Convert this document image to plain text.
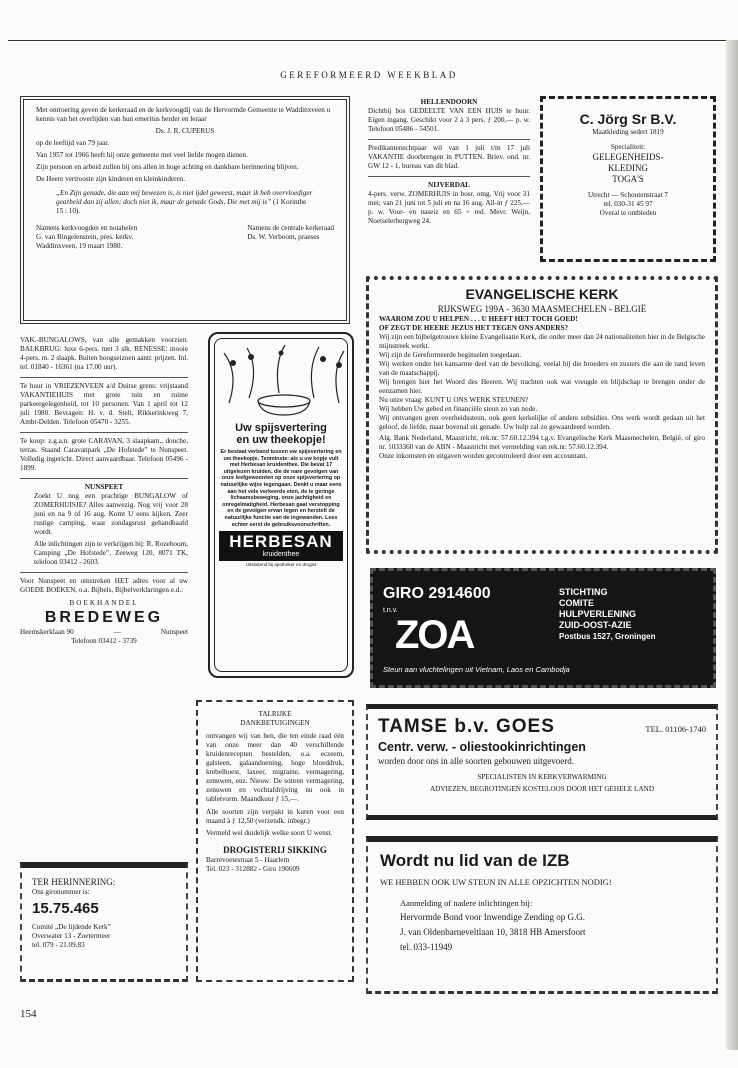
GEREFORMEERD WEEKBLAD

Met ontroering geven de kerkeraad en de kerkvoogdij van de Hervormde Gemeente te Waddinxveen u kennis van het overlijden van hun emeritus herder en leraar

Ds. J. R. CUPERUS

op de leeftijd van 79 jaar.

Van 1957 tot 1966 heeft hij onze gemeente met veel liefde mogen dienen.

Zijn persoon en arbeid zullen bij ons allen in hoge achting en dankbare herinnering blijven.

De Heere vertrooste zijn kinderen en kleinkinderen.

„En Zijn genade, die aan mij bewezen is, is niet ijdel geweest, maar ik heb overvloediger gearbeid dan zij allen; doch niet ik, maar de genade Gods, Die met mij is” (1 Korinthe 15 : 10).

Namens kerkvoogden en notabelen

G. van Ringelenstein, pres. kerkv.

Waddinxveen, 19 maart 1980.

Namens de centrale kerkeraad

Ds. W. Verboom, praeses

HELLENDOORN

Dichtbij bos GEDEELTE VAN EEN HUIS te huur. Eigen ingang. Geschikt voor 2 à 3 pers. ƒ 200,— p. w. Telefoon 05486 - 54501.

Predikantenechtpaar wil van 1 juli t/m 17 juli VAKANTIE doorbrengen in PUTTEN. Briev. ond. nr. GW 12 - 1, bureau van dit blad.

NIJVERDAL

4-pers. verw. ZOMERHUIS in bosr. omg. Vrij voor 31 mei; van 21 juni tot 5 juli en na 16 aug. All-in ƒ 225,— p. w. Voor- en naseiz en 65 + red. Mevr. Weijn, Noetselerbergweg 24.

C. Jörg Sr B.V.

Maatkleding sedert 1819

Specialiteit:

GELEGENHEIDS-

KLEDING

TOGA'S

Utrecht — Schoutenstraat 7

tel. 030-31 45 97

Overal te ontbieden

EVANGELISCHE KERK

RIJKSWEG 199A - 3630 MAASMECHELEN - BELGIË

WAAROM ZOU U HELPEN . . . U HEEFT HET TOCH GOED!

OF ZEGT DE HEERE JEZUS HET TEGEN ONS ANDERS?

Wij zijn een bijbelgetrouwe kleine Evangelisatie Kerk, die onder meer dan 24 nationaliteiten hier in de Belgische mijnstreek werkt.

Wij zijn de Gereformeerde beginselen toegedaan.

Wij werken onder het kansarme deel van de bevolking, veelal bij die broeders en zusters die aan de rand leven van de maatschappij.

Wij brengen hier het Woord des Heeren. Wij trachten ook wat vreugde en blijdschap te brengen onder de eenzamen hier.

Nu onze vraag: KUNT U ONS WERK STEUNEN?

Wij hebben Uw gebed en financiële steun zo van node.

Wij ontvangen geen overheidssteun, ook geen kerkelijke of andere subsidies. Ons werk wordt gedaan uit het geloof, de liefde, maar bovenal uit genade. Uw hulp zal zo gewaardeerd worden.

Alg. Bank Nederland, Maastricht, rek.nr. 57.60.12.394 t.g.v. Evangelische Kerk Maasmechelen, België, of giro nr. 1033360 van de ABN - Maastricht met vermelding van rek.nr. 57.60.12.394.

Onze inkomsten en uitgaven worden gecontroleerd door een accountant.

VAK.-BUNGALOWS, van alle gemakken voorzien. BALKBRUG: luxe 6-pers. met 3 slk. RENESSE: mooie 4-pers. m. 2 slaapk. Buiten hoogseizoen aantr. prijzen. Inl. tel. 01840 - 16361 (na 17.00 uur).

Te huur in VRIEZENVEEN a/d Duitse grens: vrijstaand VAKANTIEHUIS met grote tuin en ruime parkeergelegenheid, tot 10 personen. Van 1 april tot 12 juli 1980. Bevragen: H. v. d. Stelt, Rikkerinkweg 7, Ambt-Delden. Telefoon 05470 - 3255.

Te koop: z.g.a.n. grote CARAVAN, 3 slaapkam., douche, terras. Staand Caravanpark „De Hofstede” te Nunspeet. Volledig ingericht. Direct aanvaardbaar. Telefoon 05496 - 1899.

NUNSPEET

Zoekt U nog een prachtige BUNGALOW of ZOMERHUISJE? Alles aanwezig. Nog vrij voor 28 juni en na 9 of 16 aug. Komt U eens kijken. Zeer rustige camping, waar zondagsrust gehandhaafd wordt.

Alle inlichtingen zijn te verkrijgen bij: R. Rozeboom, Camping „De Hofstede”, Zeeweg 120, 8071 TK, telefoon 03412 - 2603.

Voor Nunspeet en omstreken HET adres voor al uw GOEDE BOEKEN, o.a. Bijbels, Bijbelverklaringen e.d.:

BOEKHANDEL

BREDEWEG

Heemskerklaan 90	—	Nunspeet

Telefoon 03412 - 3739

TER HERINNERING:

Ons gironummer is:

15.75.465

Comité „De lijdende Kerk”

Overwater 13 - Zoetermeer

tel. 079 - 21.09.83

Uw spijsvertering

en uw theekopje!

Er bestaat verband tussen uw spijsvertering en uw theekopje. Tenminste: als u uw kopje vult met Herbesan kruidenthee. Die bevat 17 uitgelezen kruiden, die de nare gevolgen van onze leefgewoonten op onze spijsvertering op natuurlijke wijze tegengaan. Denkt u maar eens aan het vele verkeerde eten, de te geringe lichaamsbeweging, onze jachtigheid en onregelmatigheid. Herbesan gaat verstopping en de gevolgen ervan tegen en herstelt de natuurlijke functie van de ingewanden. Lees echter eerst de gebruiksvoorschriften.

HERBESAN

kruidenthee

Uitsluitend bij apotheker en drogist

TALRIJKE

DANKBETUIGINGEN

ontvangen wij van hen, die ten einde raad één van onze meer dan 40 verschillende kruidenrecepten bestelden, o.a. eczeem, galsteen, galaandoening, hoge bloeddruk, krebelhoest, laxeer, migraine, vermagering, zenuwen, enz. Nieuw: De sonren vermagering, zenuwen en vochtafdrijving nu ook in tabletvorm. Maandkuur ƒ 15,—.

Alle soorten zijn verpakt in kuren voor een maand à ƒ 12,50 (verzendk. inbegr.)

Vermeld wel duidelijk welke soort U wenst.

DROGISTERIJ SIKKING

Barrevoetestraat 5 - Haarlem

Tel. 023 - 312882 - Giro 190609

GIRO 2914600

t.n.v.

ZOA

STICHTING

COMITE

HULPVERLENING

ZUID-OOST-AZIE

Postbus 1527, Groningen

Steun aan vluchtelingen uit Vietnam, Laos en Cambodja

TAMSE b.v. GOES	TEL. 01106-1740

Centr. verw. - oliestookinrichtingen

worden door ons in alle soorten gebouwen uitgevoerd.

SPECIALISTEN IN KERKVERWARMING

ADVIEZEN, BEGROTINGEN KOSTELOOS DOOR HET GEHELE LAND

Wordt nu lid van de IZB

WE HEBBEN OOK UW STEUN IN ALLE OPZICHTEN NODIG!

Aanmelding of nadere inlichtingen bij:

Hervormde Bond voor Inwendige Zending op G.G.

J. van Oldenbarneveltlaan 10, 3818 HB Amersfoort

tel. 033-11949

154
